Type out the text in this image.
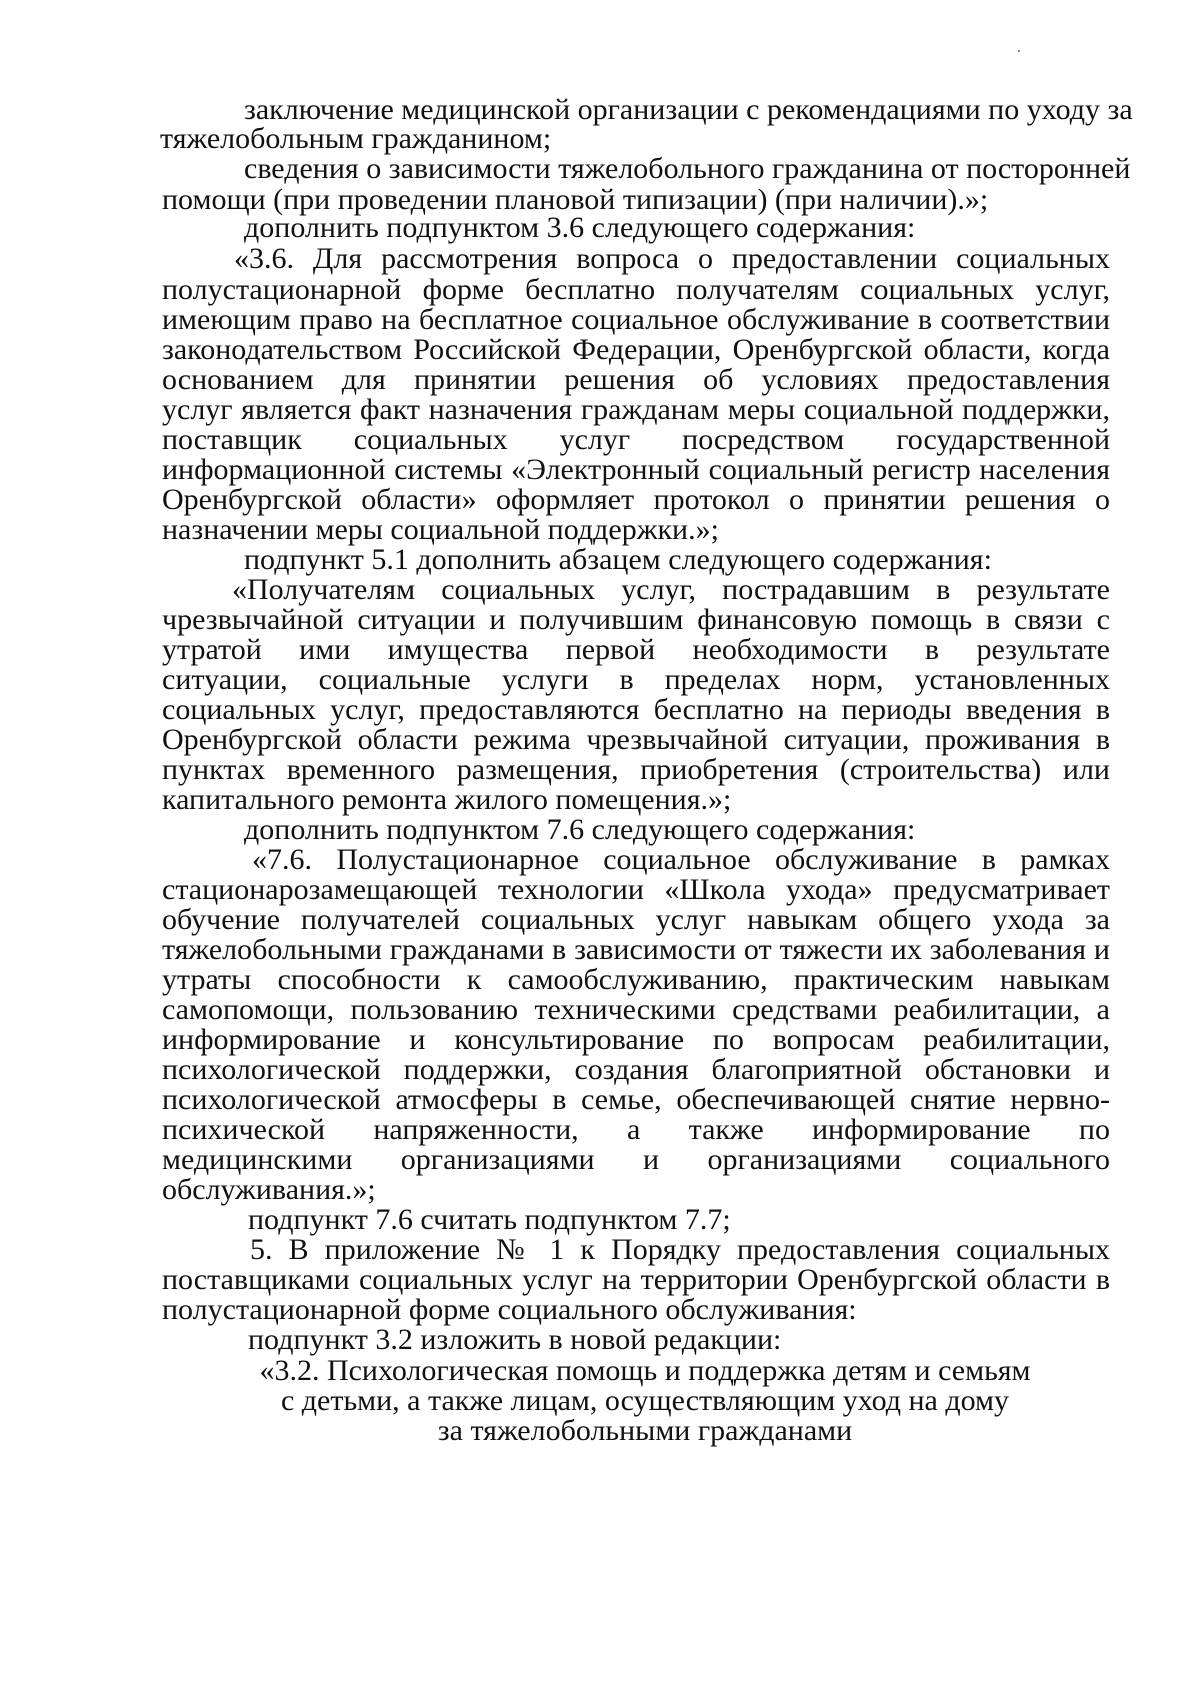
заключение медицинской организации с рекомендациями по уходу за
тяжелобольным гражданином;
сведения о зависимости тяжелобольного гражданина от посторонней
помощи (при проведении плановой типизации) (при наличии).»;
дополнить подпунктом 3.6 следующего содержания:
«3.6. Для рассмотрения вопроса о предоставлении социальных
полустационарной форме бесплатно получателям социальных услуг,
имеющим право на бесплатное социальное обслуживание в соответствии
законодательством Российской Федерации, Оренбургской области, когда
основанием для принятии решения об условиях предоставления
услуг является факт назначения гражданам меры социальной поддержки,
поставщик социальных услуг посредством государственной
информационной системы «Электронный социальный регистр населения
Оренбургской области» оформляет протокол о принятии решения о
назначении меры социальной поддержки.»;
подпункт 5.1 дополнить абзацем следующего содержания:
«Получателям социальных услуг, пострадавшим в результате
чрезвычайной ситуации и получившим финансовую помощь в связи с
утратой ими имущества первой необходимости в результате
ситуации, социальные услуги в пределах норм, установленных
социальных услуг, предоставляются бесплатно на периоды введения в
Оренбургской области режима чрезвычайной ситуации, проживания в
пунктах временного размещения, приобретения (строительства) или
капитального ремонта жилого помещения.»;
дополнить подпунктом 7.6 следующего содержания:
«7.6. Полустационарное социальное обслуживание в рамках
стационарозамещающей технологии «Школа ухода» предусматривает
обучение получателей социальных услуг навыкам общего ухода за
тяжелобольными гражданами в зависимости от тяжести их заболевания и
утраты способности к самообслуживанию, практическим навыкам
самопомощи, пользованию техническими средствами реабилитации, а
информирование и консультирование по вопросам реабилитации,
психологической поддержки, создания благоприятной обстановки и
психологической атмосферы в семье, обеспечивающей снятие нервно-
психической напряженности, а также информирование по
медицинскими организациями и организациями социального
обслуживания.»;
подпункт 7.6 считать подпунктом 7.7;
5. В приложение № 1 к Порядку предоставления социальных
поставщиками социальных услуг на территории Оренбургской области в
полустационарной форме социального обслуживания:
подпункт 3.2 изложить в новой редакции:
«3.2. Психологическая помощь и поддержка детям и семьям
с детьми, а также лицам, осуществляющим уход на дому
за тяжелобольными гражданами
